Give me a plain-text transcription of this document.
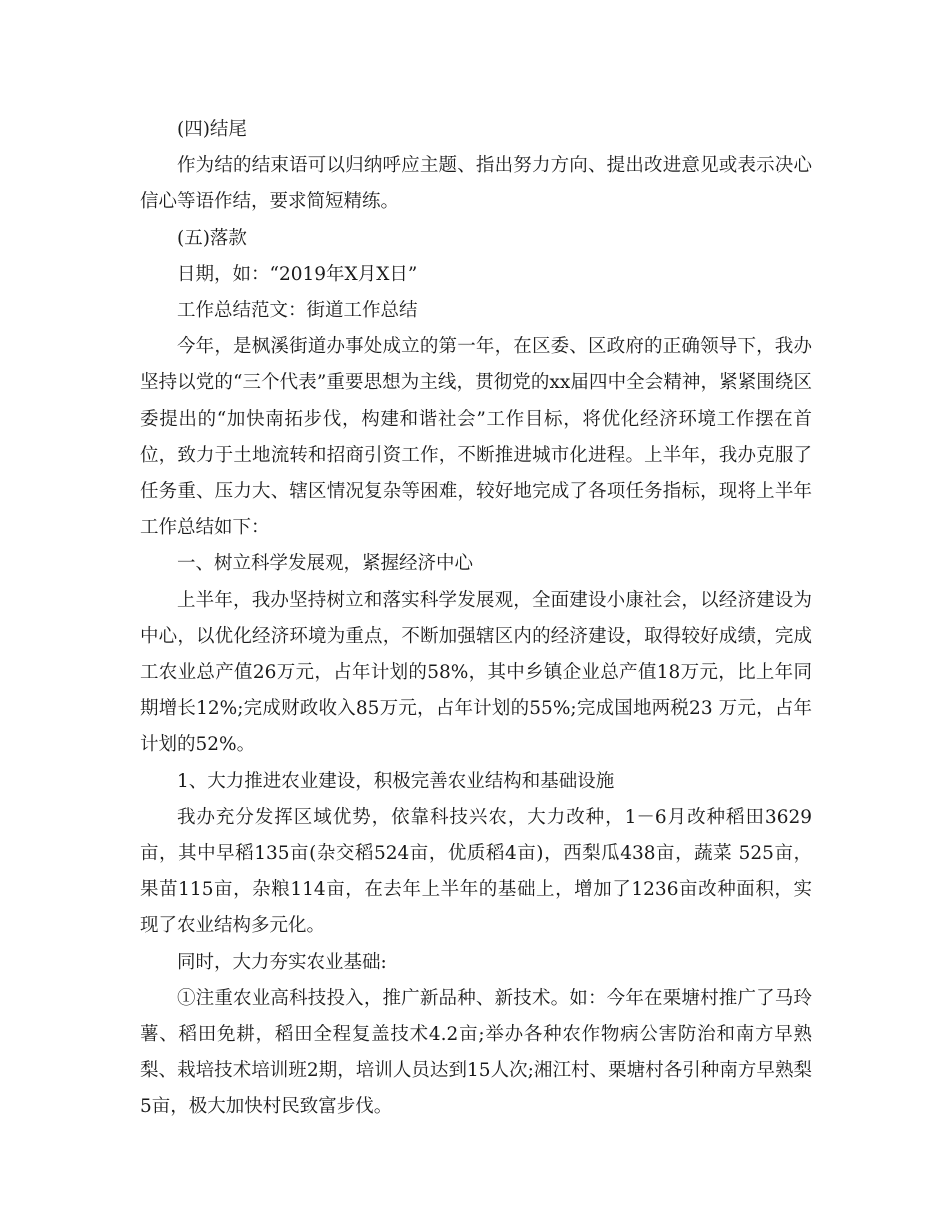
(四)结尾

作为结的结束语可以归纳呼应主题、指出努力方向、提出改进意见或表示决心信心等语作结，要求简短精练。

(五)落款

日期，如：“2019年X月X日”

工作总结范文：街道工作总结

今年，是枫溪街道办事处成立的第一年，在区委、区政府的正确领导下，我办坚持以党的“三个代表”重要思想为主线，贯彻党的xx届四中全会精神，紧紧围绕区委提出的“加快南拓步伐，构建和谐社会”工作目标，将优化经济环境工作摆在首位，致力于土地流转和招商引资工作，不断推进城市化进程。上半年，我办克服了任务重、压力大、辖区情况复杂等困难，较好地完成了各项任务指标，现将上半年工作总结如下：

一、树立科学发展观，紧握经济中心

上半年，我办坚持树立和落实科学发展观，全面建设小康社会，以经济建设为中心，以优化经济环境为重点，不断加强辖区内的经济建设，取得较好成绩，完成工农业总产值26万元，占年计划的58%，其中乡镇企业总产值18万元，比上年同期增长12%;完成财政收入85万元，占年计划的55%;完成国地两税23 万元，占年计划的52%。

1、大力推进农业建设，积极完善农业结构和基础设施

我办充分发挥区域优势，依靠科技兴农，大力改种，1－6月改种稻田3629亩，其中早稻135亩(杂交稻524亩，优质稻4亩)，西梨瓜438亩，蔬菜 525亩，果苗115亩，杂粮114亩，在去年上半年的基础上，增加了1236亩改种面积，实现了农业结构多元化。

同时，大力夯实农业基础:

①注重农业高科技投入，推广新品种、新技术。如：今年在栗塘村推广了马玲薯、稻田免耕，稻田全程复盖技术4.2亩;举办各种农作物病公害防治和南方早熟梨、栽培技术培训班2期，培训人员达到15人次;湘江村、栗塘村各引种南方早熟梨5亩，极大加快村民致富步伐。
